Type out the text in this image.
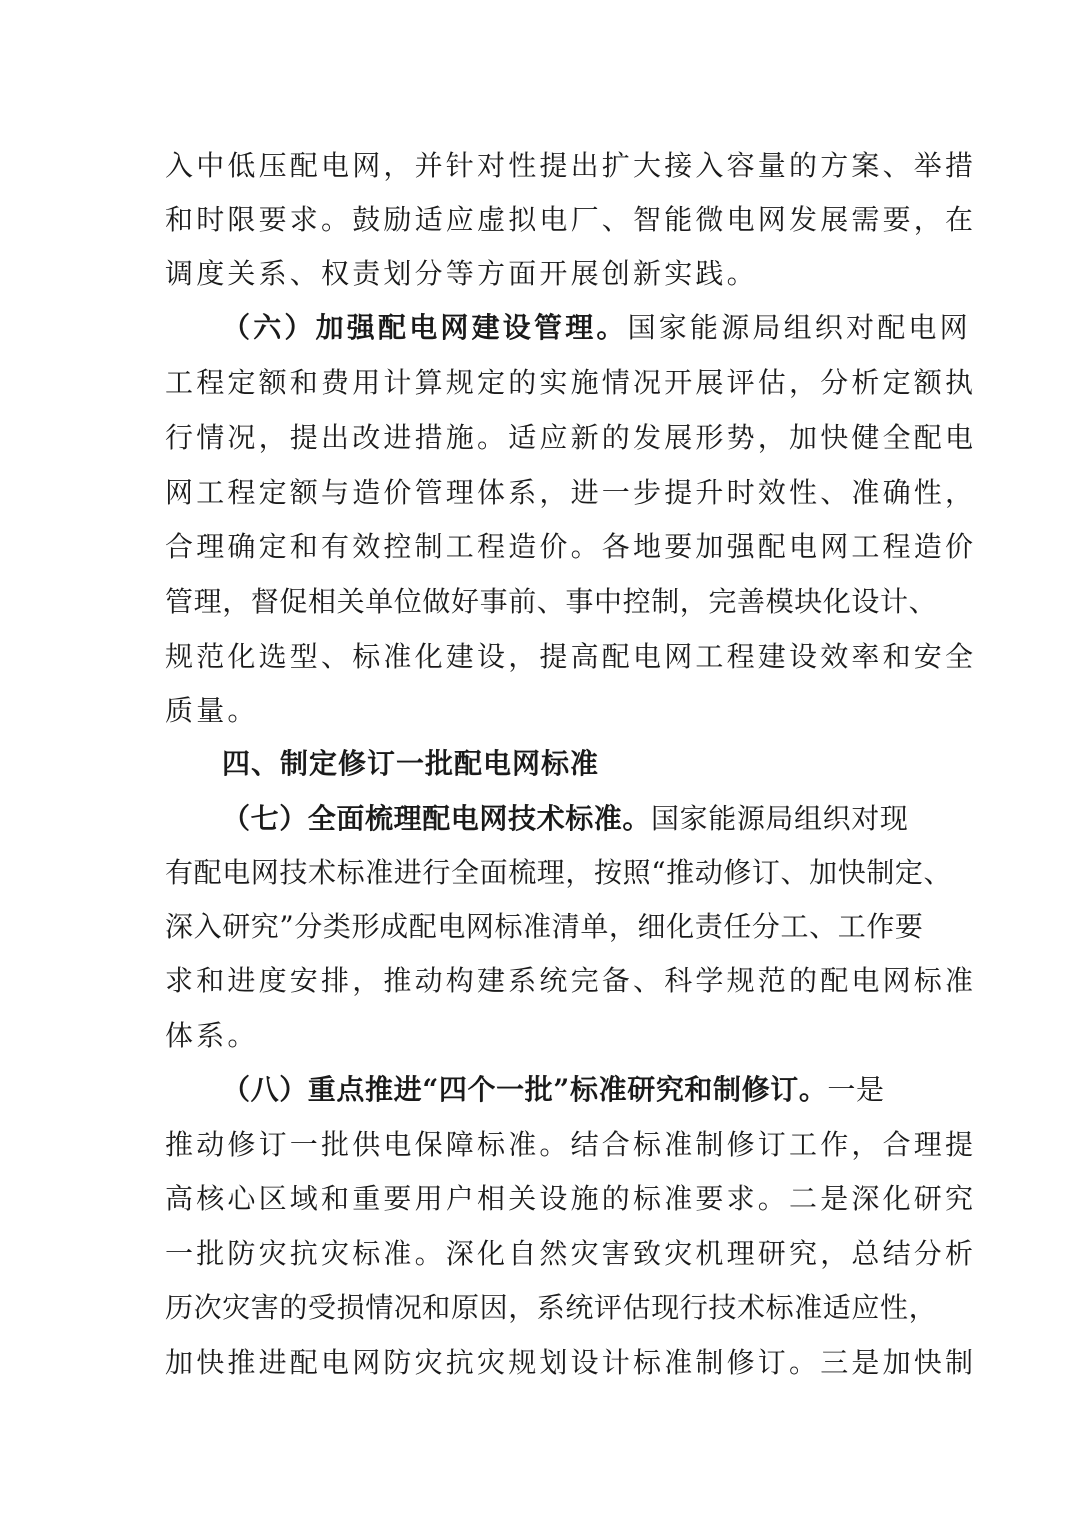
入中低压配电网，并针对性提出扩大接入容量的方案、举措
和时限要求。鼓励适应虚拟电厂、智能微电网发展需要，在
调度关系、权责划分等方面开展创新实践。
（六）加强配电网建设管理。国家能源局组织对配电网
工程定额和费用计算规定的实施情况开展评估，分析定额执
行情况，提出改进措施。适应新的发展形势，加快健全配电
网工程定额与造价管理体系，进一步提升时效性、准确性，
合理确定和有效控制工程造价。各地要加强配电网工程造价
管理，督促相关单位做好事前、事中控制，完善模块化设计、
规范化选型、标准化建设，提高配电网工程建设效率和安全
质量。
四、制定修订一批配电网标准
（七）全面梳理配电网技术标准。国家能源局组织对现
有配电网技术标准进行全面梳理，按照“推动修订、加快制定、
深入研究”分类形成配电网标准清单，细化责任分工、工作要
求和进度安排，推动构建系统完备、科学规范的配电网标准
体系。
（八）重点推进“四个一批”标准研究和制修订。一是
推动修订一批供电保障标准。结合标准制修订工作，合理提
高核心区域和重要用户相关设施的标准要求。二是深化研究
一批防灾抗灾标准。深化自然灾害致灾机理研究，总结分析
历次灾害的受损情况和原因，系统评估现行技术标准适应性，
加快推进配电网防灾抗灾规划设计标准制修订。三是加快制
